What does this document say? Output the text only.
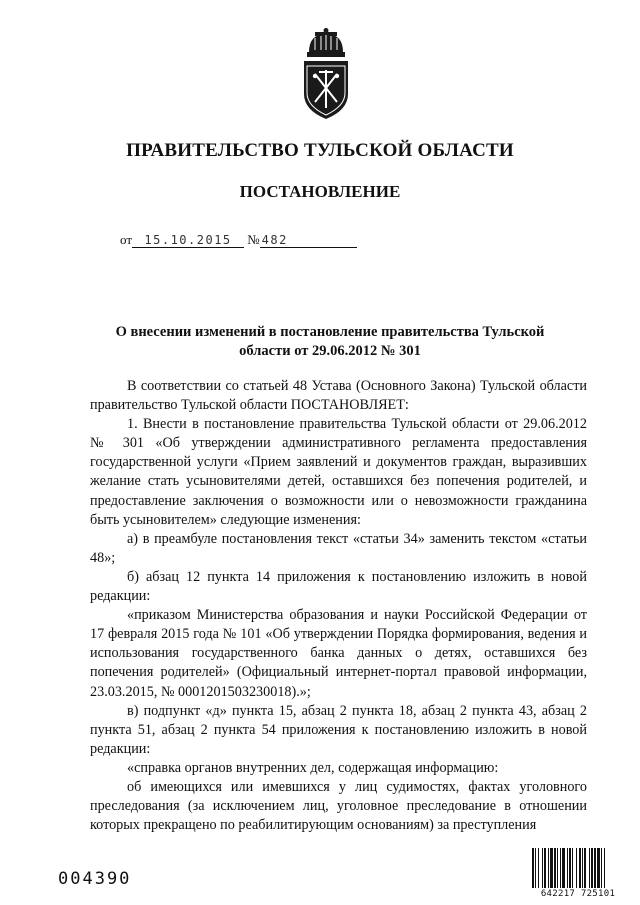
ПРАВИТЕЛЬСТВО ТУЛЬСКОЙ ОБЛАСТИ
ПОСТАНОВЛЕНИЕ
от 15.10.2015 № 482
О внесении изменений в постановление правительства Тульской области от 29.06.2012 № 301

В соответствии со статьей 48 Устава (Основного Закона) Тульской области правительство Тульской области ПОСТАНОВЛЯЕТ:

1. Внести в постановление правительства Тульской области от 29.06.2012 № 301 «Об утверждении административного регламента предоставления государственной услуги «Прием заявлений и документов граждан, выразивших желание стать усыновителями детей, оставшихся без попечения родителей, и предоставление заключения о возможности или о невозможности гражданина быть усыновителем» следующие изменения:

а) в преамбуле постановления текст «статьи 34» заменить текстом «статьи 48»;

б) абзац 12 пункта 14 приложения к постановлению изложить в новой редакции:

«приказом Министерства образования и науки Российской Федерации от 17 февраля 2015 года № 101 «Об утверждении Порядка формирования, ведения и использования государственного банка данных о детях, оставшихся без попечения родителей» (Официальный интернет-портал правовой информации, 23.03.2015, № 0001201503230018).»;

в) подпункт «д» пункта 15, абзац 2 пункта 18, абзац 2 пункта 43, абзац 2 пункта 51, абзац 2 пункта 54 приложения к постановлению изложить в новой редакции:

«справка органов внутренних дел, содержащая информацию:

об имеющихся или имевшихся у лиц судимостях, фактах уголовного преследования (за исключением лиц, уголовное преследование в отношении которых прекращено по реабилитирующим основаниям) за преступления

004390
642217 725101
